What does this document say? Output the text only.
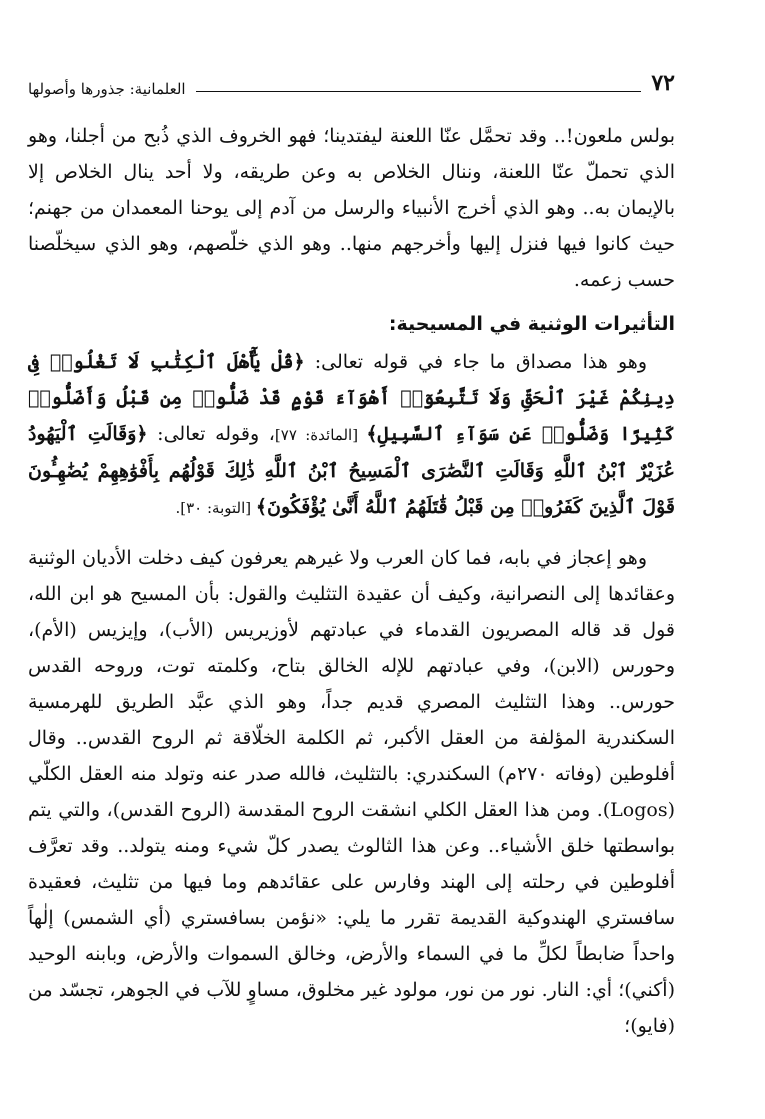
٧٢
العلمانية: جذورها وأصولها

بولس ملعون!.. وقد تحمَّل عنّا اللعنة ليفتدينا؛ فهو الخروف الذي ذُبح من أجلنا، وهو الذي تحملّ عنّا اللعنة، وننال الخلاص به وعن طريقه، ولا أحد ينال الخلاص إلا بالإيمان به.. وهو الذي أخرج الأنبياء والرسل من آدم إلى يوحنا المعمدان من جهنم؛ حيث كانوا فيها فنزل إليها وأخرجهم منها.. وهو الذي خلّصهم، وهو الذي سيخلّصنا حسب زعمه.

التأثيرات الوثنية في المسيحية:

وهو هذا مصداق ما جاء في قوله تعالى: ﴿قُلْ يَٰٓأَهْلَ ٱلْكِتَٰبِ لَا تَغْلُوا۟ فِى دِينِكُمْ غَيْرَ ٱلْحَقِّ وَلَا تَتَّبِعُوٓا۟ أَهْوَآءَ قَوْمٍ قَدْ ضَلُّوا۟ مِن قَبْلُ وَأَضَلُّوا۟ كَثِيرًا وَضَلُّوا۟ عَن سَوَآءِ ٱلسَّبِيلِ﴾ [المائدة: ٧٧]، وقوله تعالى: ﴿وَقَالَتِ ٱلْيَهُودُ عُزَيْرٌ ٱبْنُ ٱللَّهِ وَقَالَتِ ٱلنَّصَٰرَى ٱلْمَسِيحُ ٱبْنُ ٱللَّهِ ذَٰلِكَ قَوْلُهُم بِأَفْوَٰهِهِمْ يُضَٰهِـُٔونَ قَوْلَ ٱلَّذِينَ كَفَرُوا۟ مِن قَبْلُ قَٰتَلَهُمُ ٱللَّهُ أَنَّىٰ يُؤْفَكُونَ﴾ [التوبة: ٣٠].

وهو إعجاز في بابه، فما كان العرب ولا غيرهم يعرفون كيف دخلت الأديان الوثنية وعقائدها إلى النصرانية، وكيف أن عقيدة التثليث والقول: بأن المسيح هو ابن الله، قول قد قاله المصريون القدماء في عبادتهم لأوزيريس (الأب)، وإيزيس (الأم)، وحورس (الابن)، وفي عبادتهم للإله الخالق بتاح، وكلمته توت، وروحه القدس حورس.. وهذا التثليث المصري قديم جداً، وهو الذي عبَّد الطريق للهرمسية السكندرية المؤلفة من العقل الأكبر، ثم الكلمة الخلّاقة ثم الروح القدس.. وقال أفلوطين (وفاته ٢٧٠م) السكندري: بالتثليث، فالله صدر عنه وتولد منه العقل الكلّي (Logos). ومن هذا العقل الكلي انشقت الروح المقدسة (الروح القدس)، والتي يتم بواسطتها خلق الأشياء.. وعن هذا الثالوث يصدر كلّ شيء ومنه يتولد.. وقد تعرَّف أفلوطين في رحلته إلى الهند وفارس على عقائدهم وما فيها من تثليث، فعقيدة سافستري الهندوكية القديمة تقرر ما يلي: «نؤمن بسافستري (أي الشمس) إلٰهاً واحداً ضابطاً لكلِّ ما في السماء والأرض، وخالق السموات والأرض، وبابنه الوحيد (أكني)؛ أي: النار. نور من نور، مولود غير مخلوق، مساوٍ للآب في الجوهر، تجسّد من (فايو)؛
